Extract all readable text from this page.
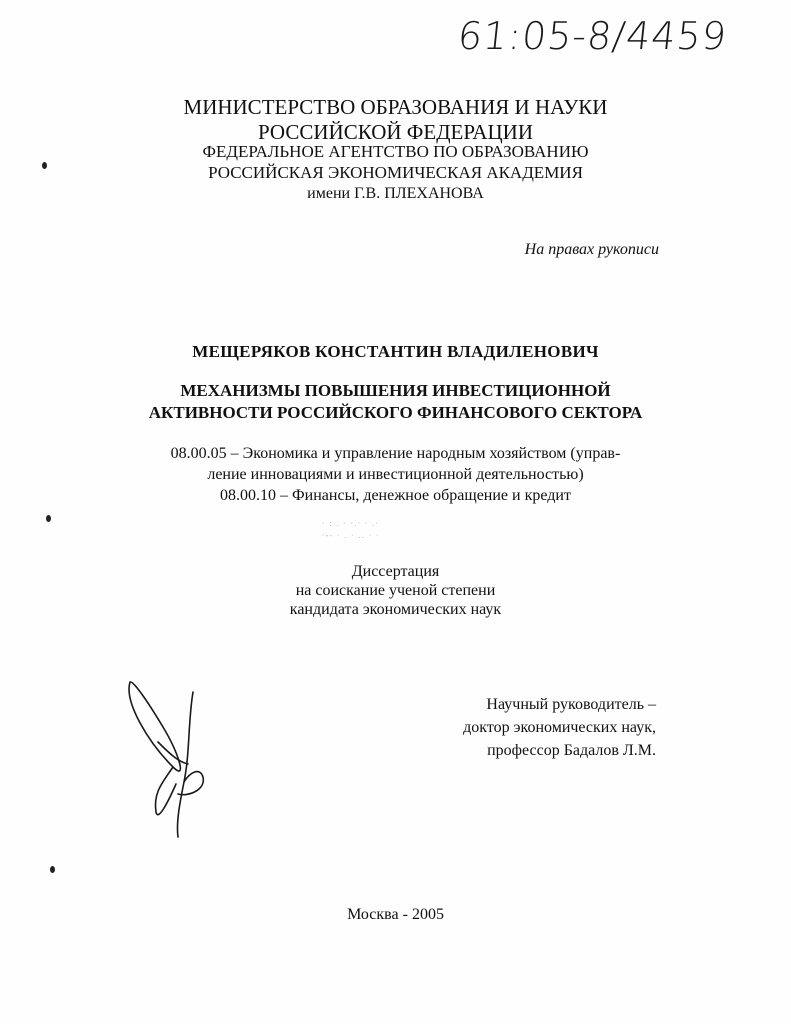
61:05-8/4459
МИНИСТЕРСТВО ОБРАЗОВАНИЯ И НАУКИ
РОССИЙСКОЙ ФЕДЕРАЦИИ
ФЕДЕРАЛЬНОЕ АГЕНТСТВО ПО ОБРАЗОВАНИЮ
РОССИЙСКАЯ ЭКОНОМИЧЕСКАЯ АКАДЕМИЯ
имени Г.В. ПЛЕХАНОВА
На правах рукописи
МЕЩЕРЯКОВ КОНСТАНТИН ВЛАДИЛЕНОВИЧ
МЕХАНИЗМЫ ПОВЫШЕНИЯ ИНВЕСТИЦИОННОЙ
АКТИВНОСТИ РОССИЙСКОГО ФИНАНСОВОГО СЕКТОРА
08.00.05 – Экономика и управление народным хозяйством (управ-
ление инновациями и инвестиционной деятельностью)
08.00.10 – Финансы, денежное обращение и кредит
· : . · ·.· · .·
·-- · . · .. · ·
Диссертация
на соискание ученой степени
кандидата экономических наук
Научный руководитель –
доктор экономических наук,
профессор Бадалов Л.М.
Москва - 2005
